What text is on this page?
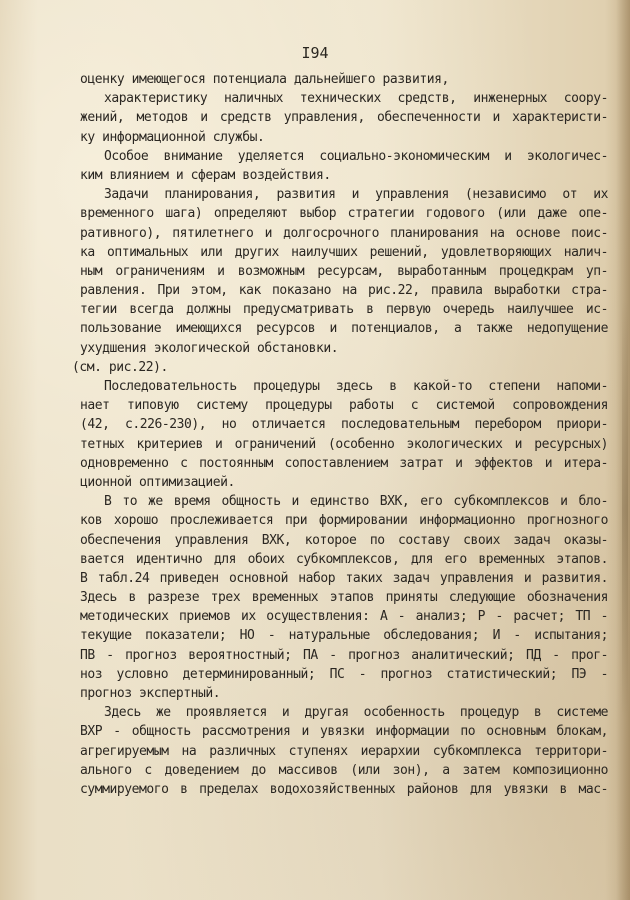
I94
оценку имеющегося потенциала дальнейшего развития,
характеристику наличных технических средств, инженерных соору-
жений, методов и средств управления, обеспеченности и характеристи-
ку информационной службы.
Особое внимание уделяется социально-экономическим и экологичес-
ким влиянием и сферам воздействия.
Задачи планирования, развития и управления (независимо от их
временного шага) определяют выбор стратегии годового (или даже опе-
ративного), пятилетнего и долгосрочного планирования на основе поис-
ка оптимальных или других наилучших решений, удовлетворяющих налич-
ным ограничениям и возможным ресурсам, выработанным процедкрам уп-
равления. При этом, как показано на рис.22, правила выработки стра-
тегии всегда должны предусматривать в первую очередь наилучшее ис-
пользование имеющихся ресурсов и потенциалов, а также недопущение
ухудшения экологической обстановки.
(см. рис.22).
Последовательность процедуры здесь в какой-то степени напоми-
нает типовую систему процедуры работы с системой сопровождения
(42, с.226-230), но отличается последовательным перебором приори-
тетных критериев и ограничений (особенно экологических и ресурсных)
одновременно с постоянным сопоставлением затрат и эффектов и итера-
ционной оптимизацией.
В то же время общность и единство ВХК, его субкомплексов и бло-
ков хорошо прослеживается при формировании информационно прогнозного
обеспечения управления ВХК, которое по составу своих задач оказы-
вается идентично для обоих субкомплексов, для его временных этапов.
В табл.24 приведен основной набор таких задач управления и развития.
Здесь в разрезе трех временных этапов приняты следующие обозначения
методических приемов их осуществления: А - анализ; Р - расчет; ТП -
текущие показатели; НО - натуральные обследования; И - испытания;
ПВ - прогноз вероятностный; ПА - прогноз аналитический; ПД - прог-
ноз условно детерминированный; ПС - прогноз статистический; ПЭ -
прогноз экспертный.
Здесь же проявляется и другая особенность процедур в системе
ВХР - общность рассмотрения и увязки информации по основным блокам,
агрегируемым на различных ступенях иерархии субкомплекса территори-
ального с доведением до массивов (или зон), а затем композиционно
суммируемого в пределах водохозяйственных районов для увязки в мас-
